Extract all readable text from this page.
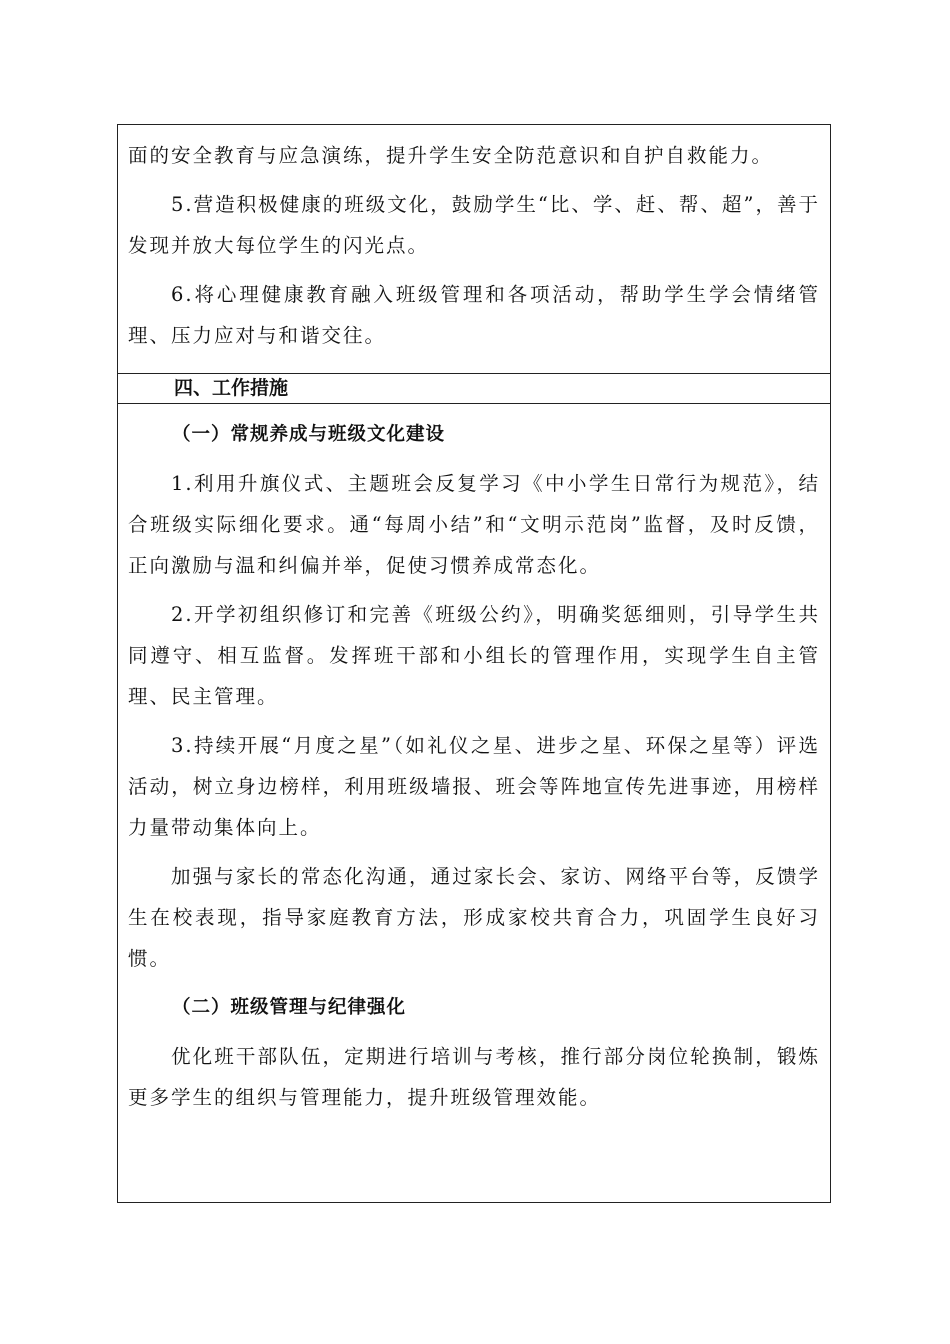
面的安全教育与应急演练，提升学生安全防范意识和自护自救能力。

5.营造积极健康的班级文化，鼓励学生“比、学、赶、帮、超”，善于发现并放大每位学生的闪光点。

6.将心理健康教育融入班级管理和各项活动，帮助学生学会情绪管理、压力应对与和谐交往。

四、工作措施

（一）常规养成与班级文化建设

1.利用升旗仪式、主题班会反复学习《中小学生日常行为规范》，结合班级实际细化要求。通“每周小结”和“文明示范岗”监督，及时反馈，正向激励与温和纠偏并举，促使习惯养成常态化。

2.开学初组织修订和完善《班级公约》，明确奖惩细则，引导学生共同遵守、相互监督。发挥班干部和小组长的管理作用，实现学生自主管理、民主管理。

3.持续开展“月度之星”（如礼仪之星、进步之星、环保之星等）评选活动，树立身边榜样，利用班级墙报、班会等阵地宣传先进事迹，用榜样力量带动集体向上。

加强与家长的常态化沟通，通过家长会、家访、网络平台等，反馈学生在校表现，指导家庭教育方法，形成家校共育合力，巩固学生良好习惯。

（二）班级管理与纪律强化

优化班干部队伍，定期进行培训与考核，推行部分岗位轮换制，锻炼更多学生的组织与管理能力，提升班级管理效能。
